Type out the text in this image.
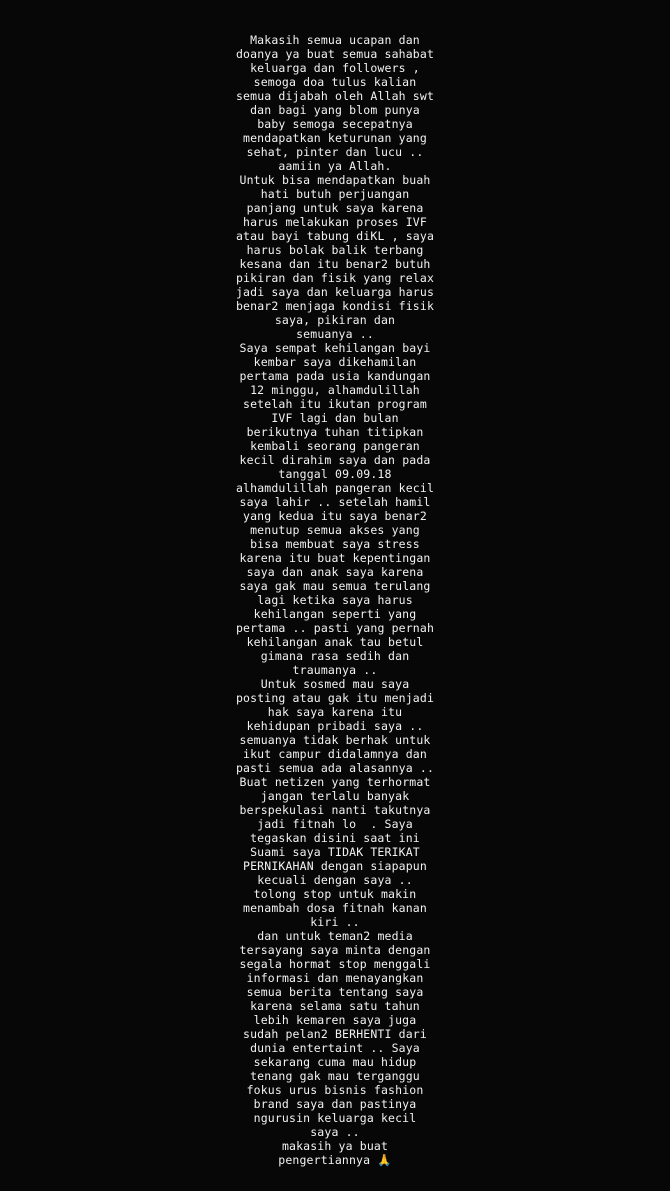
Makasih semua ucapan dan
doanya ya buat semua sahabat
keluarga dan followers ,
semoga doa tulus kalian
semua dijabah oleh Allah swt
dan bagi yang blom punya
baby semoga secepatnya
mendapatkan keturunan yang
sehat, pinter dan lucu ..
aamiin ya Allah.
Untuk bisa mendapatkan buah
hati butuh perjuangan
panjang untuk saya karena
harus melakukan proses IVF
atau bayi tabung diKL , saya
harus bolak balik terbang
kesana dan itu benar2 butuh
pikiran dan fisik yang relax
jadi saya dan keluarga harus
benar2 menjaga kondisi fisik
saya, pikiran dan
semuanya ..
Saya sempat kehilangan bayi
kembar saya dikehamilan
pertama pada usia kandungan
12 minggu, alhamdulillah
setelah itu ikutan program
IVF lagi dan bulan
berikutnya tuhan titipkan
kembali seorang pangeran
kecil dirahim saya dan pada
tanggal 09.09.18
alhamdulillah pangeran kecil
saya lahir .. setelah hamil
yang kedua itu saya benar2
menutup semua akses yang
bisa membuat saya stress
karena itu buat kepentingan
saya dan anak saya karena
saya gak mau semua terulang
lagi ketika saya harus
kehilangan seperti yang
pertama .. pasti yang pernah
kehilangan anak tau betul
gimana rasa sedih dan
traumanya ..
Untuk sosmed mau saya
posting atau gak itu menjadi
hak saya karena itu
kehidupan pribadi saya ..
semuanya tidak berhak untuk
ikut campur didalamnya dan
pasti semua ada alasannya ..
Buat netizen yang terhormat
jangan terlalu banyak
berspekulasi nanti takutnya
jadi fitnah lo  . Saya
tegaskan disini saat ini
Suami saya TIDAK TERIKAT
PERNIKAHAN dengan siapapun
kecuali dengan saya ..
tolong stop untuk makin
menambah dosa fitnah kanan
kiri ..
dan untuk teman2 media
tersayang saya minta dengan
segala hormat stop menggali
informasi dan menayangkan
semua berita tentang saya
karena selama satu tahun
lebih kemaren saya juga
sudah pelan2 BERHENTI dari
dunia entertaint .. Saya
sekarang cuma mau hidup
tenang gak mau terganggu
fokus urus bisnis fashion
brand saya dan pastinya
ngurusin keluarga kecil
saya ..
makasih ya buat
pengertiannya 🙏
